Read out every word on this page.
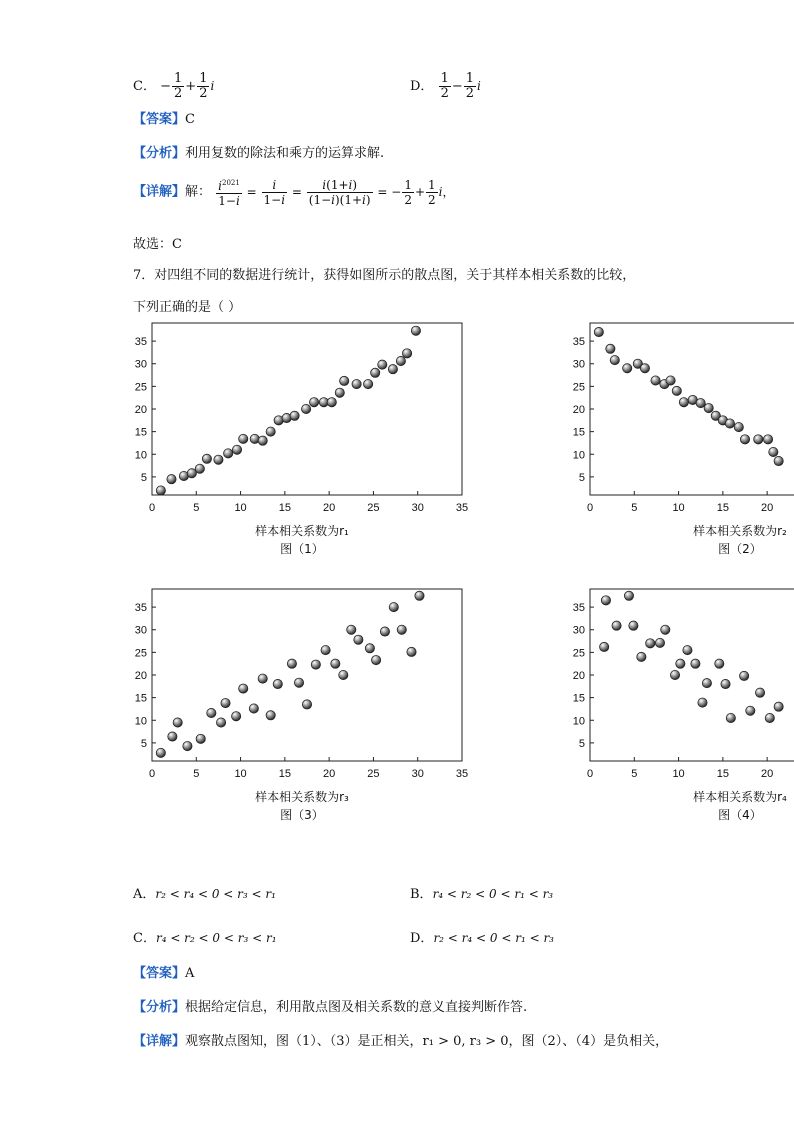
C． − $\frac{1}{2} + \frac{1}{2}$ i	D． $\frac{1}{2} - \frac{1}{2}$ i
【答案】C
【分析】利用复数的除法和乘方的运算求解.
【详解】解： $\frac{i^{2021}}{1-i} = \frac{i}{1-i} = \frac{i(1+i)}{(1-i)(1+i)}$ = − $\frac{1}{2} + \frac{1}{2}$ i，
故选：C
7．对四组不同的数据进行统计，获得如图所示的散点图，关于其样本相关系数的比较，
下列正确的是（ ）
5
10
15
20
25
30
35
0	5	10	15	20	25	30	35
样本相关系数为r₁
图（1）
5
10
15
20
25
30
35
0	5	10	15	20
样本相关系数为r₂
图（2）
5
10
15
20
25
30
35
0	5	10	15	20	25	30	35
样本相关系数为r₃
图（3）
5
10
15
20
25
30
35
0	5	10	15	20
样本相关系数为r₄
图（4）
A．r₂ < r₄ < 0 < r₃ < r₁	B．r₄ < r₂ < 0 < r₁ < r₃
C．r₄ < r₂ < 0 < r₃ < r₁	D．r₂ < r₄ < 0 < r₁ < r₃
【答案】A
【分析】根据给定信息，利用散点图及相关系数的意义直接判断作答.
【详解】观察散点图知，图（1）、（3）是正相关，r₁ > 0, r₃ > 0，图（2）、（4）是负相关，
